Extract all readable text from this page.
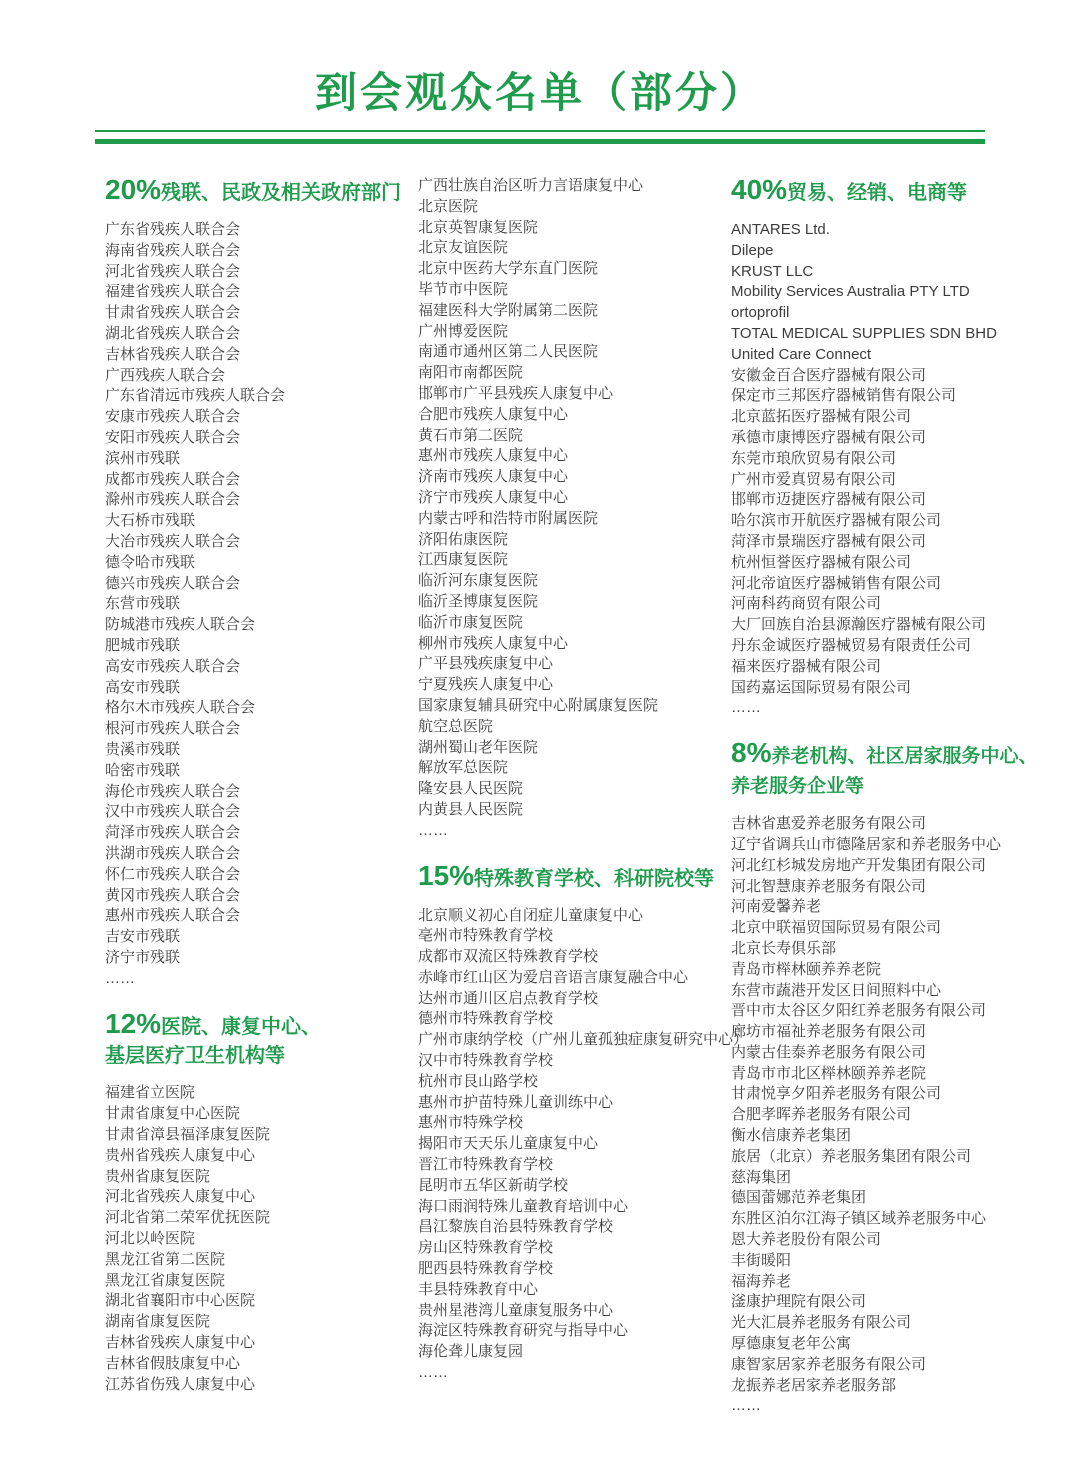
到会观众名单（部分）
20%残联、民政及相关政府部门
广东省残疾人联合会
海南省残疾人联合会
河北省残疾人联合会
福建省残疾人联合会
甘肃省残疾人联合会
湖北省残疾人联合会
吉林省残疾人联合会
广西残疾人联合会
广东省清远市残疾人联合会
安康市残疾人联合会
安阳市残疾人联合会
滨州市残联
成都市残疾人联合会
滁州市残疾人联合会
大石桥市残联
大冶市残疾人联合会
德令哈市残联
德兴市残疾人联合会
东营市残联
防城港市残疾人联合会
肥城市残联
高安市残疾人联合会
高安市残联
格尔木市残疾人联合会
根河市残疾人联合会
贵溪市残联
哈密市残联
海伦市残疾人联合会
汉中市残疾人联合会
菏泽市残疾人联合会
洪湖市残疾人联合会
怀仁市残疾人联合会
黄冈市残疾人联合会
惠州市残疾人联合会
吉安市残联
济宁市残联
……
12%医院、康复中心、
基层医疗卫生机构等
福建省立医院
甘肃省康复中心医院
甘肃省漳县福泽康复医院
贵州省残疾人康复中心
贵州省康复医院
河北省残疾人康复中心
河北省第二荣军优抚医院
河北以岭医院
黑龙江省第二医院
黑龙江省康复医院
湖北省襄阳市中心医院
湖南省康复医院
吉林省残疾人康复中心
吉林省假肢康复中心
江苏省伤残人康复中心
广西壮族自治区听力言语康复中心
北京医院
北京英智康复医院
北京友谊医院
北京中医药大学东直门医院
毕节市中医院
福建医科大学附属第二医院
广州博爱医院
南通市通州区第二人民医院
南阳市南都医院
邯郸市广平县残疾人康复中心
合肥市残疾人康复中心
黄石市第二医院
惠州市残疾人康复中心
济南市残疾人康复中心
济宁市残疾人康复中心
内蒙古呼和浩特市附属医院
济阳佑康医院
江西康复医院
临沂河东康复医院
临沂圣博康复医院
临沂市康复医院
柳州市残疾人康复中心
广平县残疾康复中心
宁夏残疾人康复中心
国家康复辅具研究中心附属康复医院
航空总医院
湖州蜀山老年医院
解放军总医院
隆安县人民医院
内黄县人民医院
……
15%特殊教育学校、科研院校等
北京顺义初心自闭症儿童康复中心
亳州市特殊教育学校
成都市双流区特殊教育学校
赤峰市红山区为爱启音语言康复融合中心
达州市通川区启点教育学校
德州市特殊教育学校
广州市康纳学校（广州儿童孤独症康复研究中心）
汉中市特殊教育学校
杭州市艮山路学校
惠州市护苗特殊儿童训练中心
惠州市特殊学校
揭阳市天天乐儿童康复中心
晋江市特殊教育学校
昆明市五华区新萌学校
海口雨润特殊儿童教育培训中心
昌江黎族自治县特殊教育学校
房山区特殊教育学校
肥西县特殊教育学校
丰县特殊教育中心
贵州星港湾儿童康复服务中心
海淀区特殊教育研究与指导中心
海伦聋儿康复园
……
40%贸易、经销、电商等
ANTARES Ltd.
Dilepe
KRUST LLC
Mobility Services Australia PTY LTD
ortoprofil
TOTAL MEDICAL SUPPLIES SDN BHD
United Care Connect
安徽金百合医疗器械有限公司
保定市三邦医疗器械销售有限公司
北京蓝拓医疗器械有限公司
承德市康博医疗器械有限公司
东莞市琅欣贸易有限公司
广州市爱真贸易有限公司
邯郸市迈捷医疗器械有限公司
哈尔滨市开航医疗器械有限公司
菏泽市景瑞医疗器械有限公司
杭州恒誉医疗器械有限公司
河北帝谊医疗器械销售有限公司
河南科药商贸有限公司
大厂回族自治县源瀚医疗器械有限公司
丹东金诚医疗器械贸易有限责任公司
福来医疗器械有限公司
国药嘉运国际贸易有限公司
……
8%养老机构、社区居家服务中心、
养老服务企业等
吉林省惠爱养老服务有限公司
辽宁省调兵山市德隆居家和养老服务中心
河北红杉城发房地产开发集团有限公司
河北智慧康养老服务有限公司
河南爱馨养老
北京中联福贸国际贸易有限公司
北京长寿俱乐部
青岛市榉林颐养养老院
东营市蔬港开发区日间照料中心
晋中市太谷区夕阳红养老服务有限公司
廊坊市福祉养老服务有限公司
内蒙古佳泰养老服务有限公司
青岛市市北区榉林颐养养老院
甘肃悦享夕阳养老服务有限公司
合肥孝晖养老服务有限公司
衡水信康养老集团
旅居（北京）养老服务集团有限公司
慈海集团
德国蕾娜范养老集团
东胜区泊尔江海子镇区域养老服务中心
恩大养老股份有限公司
丰街暖阳
福海养老
滏康护理院有限公司
光大汇晨养老服务有限公司
厚德康复老年公寓
康智家居家养老服务有限公司
龙振养老居家养老服务部
……
